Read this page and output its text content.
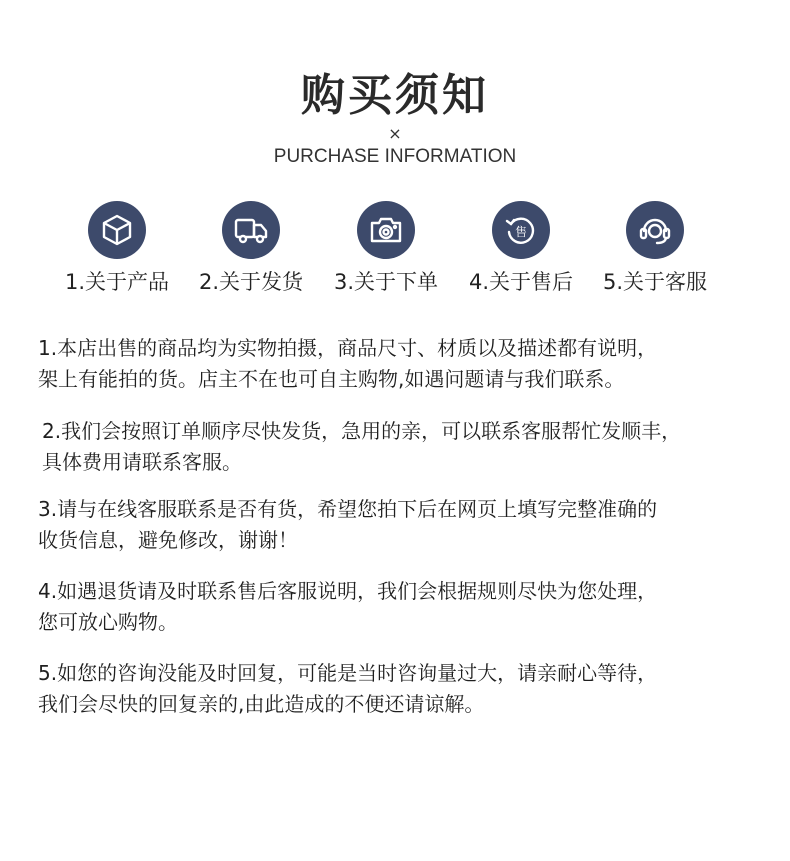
购买须知
×
PURCHASE INFORMATION
1.关于产品	2.关于发货	3.关于下单
售
4.关于售后	5.关于客服
1.本店出售的商品均为实物拍摄，商品尺寸、材质以及描述都有说明，
架上有能拍的货。店主不在也可自主购物,如遇问题请与我们联系。
2.我们会按照订单顺序尽快发货，急用的亲，可以联系客服帮忙发顺丰，
具体费用请联系客服。
3.请与在线客服联系是否有货，希望您拍下后在网页上填写完整准确的
收货信息，避免修改，谢谢！
4.如遇退货请及时联系售后客服说明，我们会根据规则尽快为您处理，
您可放心购物。
5.如您的咨询没能及时回复，可能是当时咨询量过大，请亲耐心等待，
我们会尽快的回复亲的,由此造成的不便还请谅解。
